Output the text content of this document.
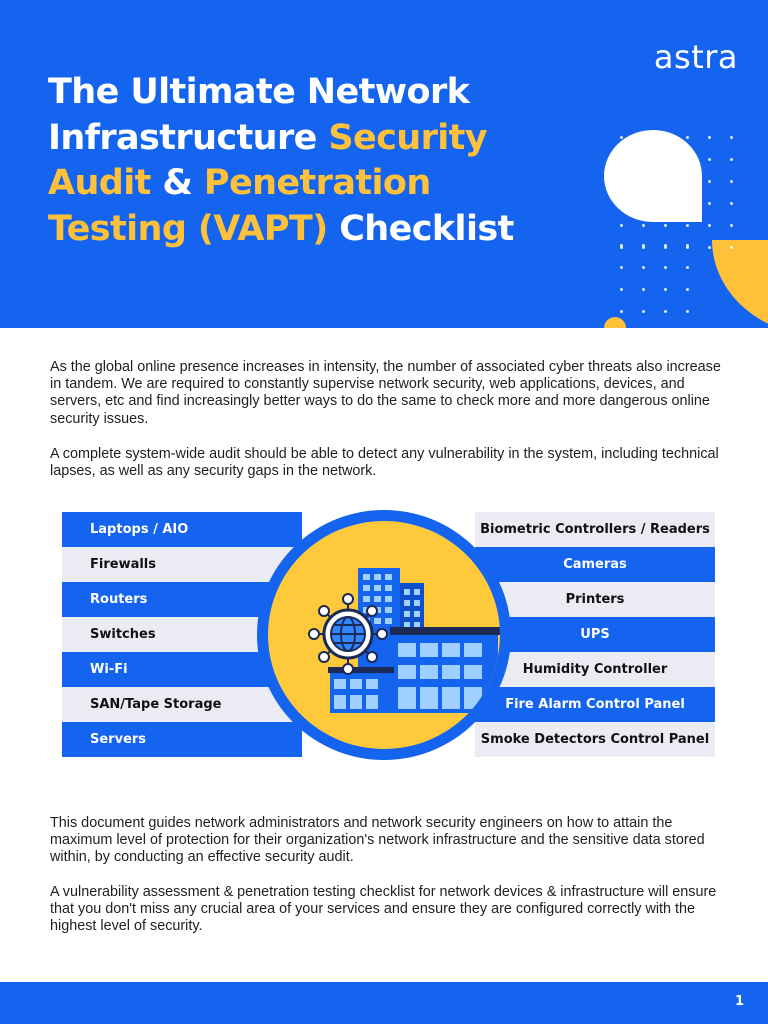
astra
The Ultimate Network Infrastructure Security Audit & Penetration Testing (VAPT) Checklist

As the global online presence increases in intensity, the number of associated cyber threats also increase in tandem. We are required to constantly supervise network security, web applications, devices, and servers, etc and find increasingly better ways to do the same to check more and more dangerous online security issues.

A complete system-wide audit should be able to detect any vulnerability in the system, including technical lapses, as well as any security gaps in the network.

Laptops / AIO
Firewalls
Routers
Switches
Wi-Fi
SAN/Tape Storage
Servers
Biometric Controllers / Readers
Cameras
Printers
UPS
Humidity Controller
Fire Alarm Control Panel
Smoke Detectors Control Panel

This document guides network administrators and network security engineers on how to attain the maximum level of protection for their organization's network infrastructure and the sensitive data stored within, by conducting an effective security audit.

A vulnerability assessment & penetration testing checklist for network devices & infrastructure will ensure that you don't miss any crucial area of your services and ensure they are configured correctly with the highest level of security.

1
